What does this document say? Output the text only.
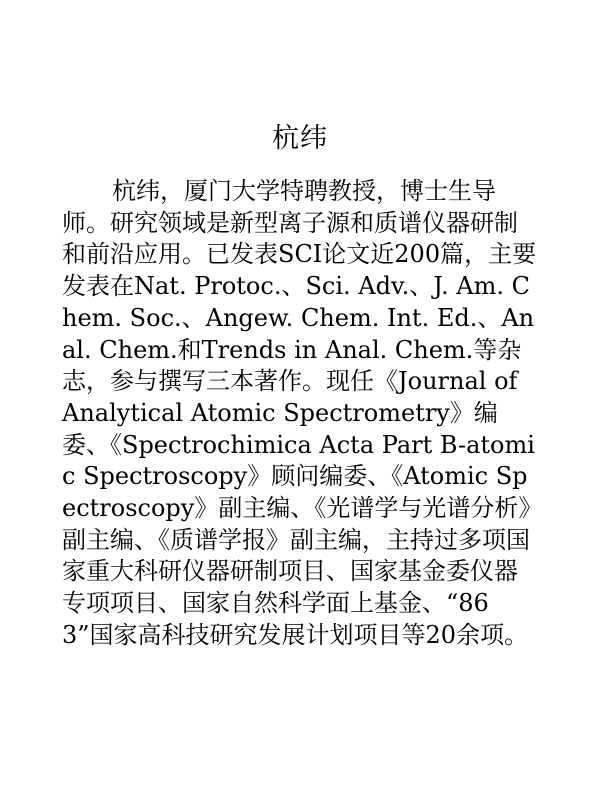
杭纬
杭纬，厦门大学特聘教授，博士生导师。研究领域是新型离子源和质谱仪器研制和前沿应用。已发表SCI论文近200篇，主要发表在Nat. Protoc.、Sci. Adv.、J. Am. Chem. Soc.、Angew. Chem. Int. Ed.、Anal. Chem.和Trends in Anal. Chem.等杂志，参与撰写三本著作。现任《Journal of Analytical Atomic Spectrometry》编委、《Spectrochimica Acta Part B-atomic Spectroscopy》顾问编委、《Atomic Spectroscopy》副主编、《光谱学与光谱分析》副主编、《质谱学报》副主编，主持过多项国家重大科研仪器研制项目、国家基金委仪器专项项目、国家自然科学面上基金、“863”国家高科技研究发展计划项目等20余项。
